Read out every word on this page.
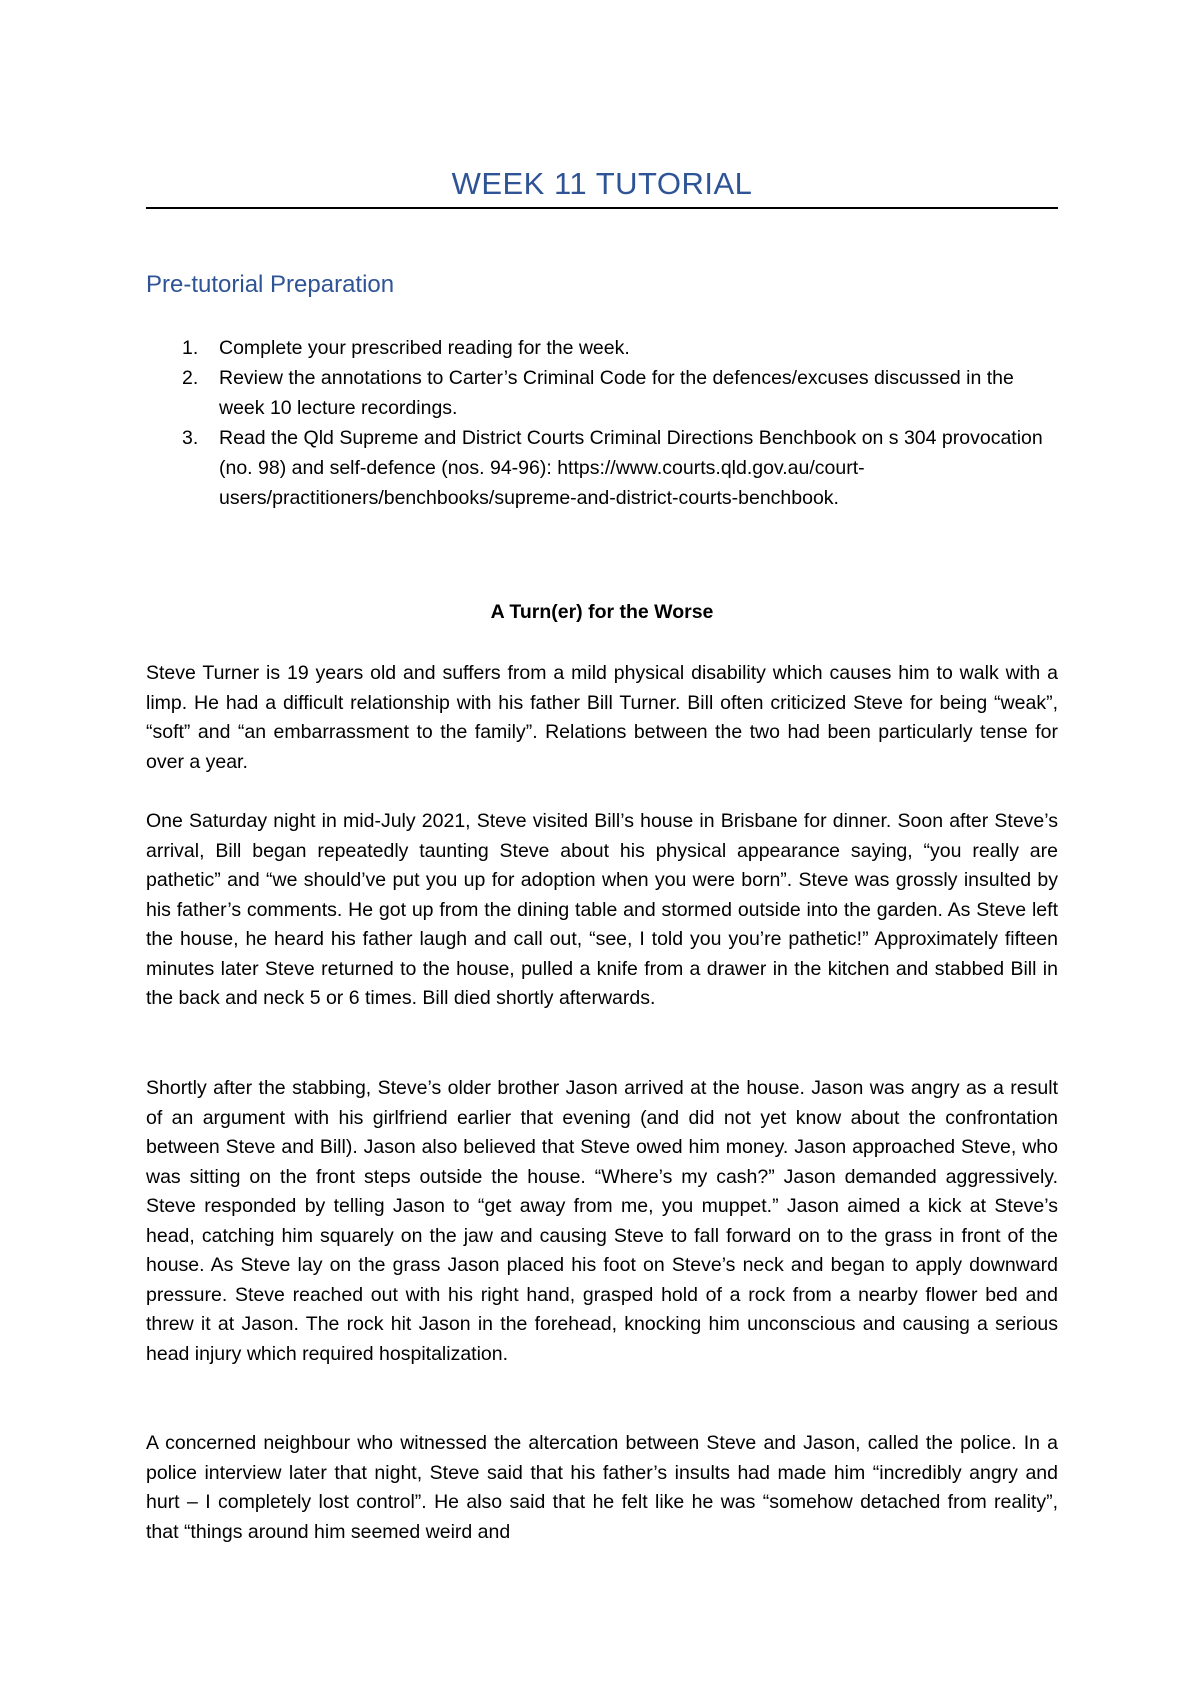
WEEK 11 TUTORIAL
Pre-tutorial Preparation
1. Complete your prescribed reading for the week.
2. Review the annotations to Carter’s Criminal Code for the defences/excuses discussed in the week 10 lecture recordings.
3. Read the Qld Supreme and District Courts Criminal Directions Benchbook on s 304 provocation (no. 98) and self-defence (nos. 94-96): https://www.courts.qld.gov.au/court-users/practitioners/benchbooks/supreme-and-district-courts-benchbook.
A Turn(er) for the Worse

Steve Turner is 19 years old and suffers from a mild physical disability which causes him to walk with a limp. He had a difficult relationship with his father Bill Turner. Bill often criticized Steve for being “weak”, “soft” and “an embarrassment to the family”. Relations between the two had been particularly tense for over a year.

One Saturday night in mid-July 2021, Steve visited Bill’s house in Brisbane for dinner. Soon after Steve’s arrival, Bill began repeatedly taunting Steve about his physical appearance saying, “you really are pathetic” and “we should’ve put you up for adoption when you were born”. Steve was grossly insulted by his father’s comments. He got up from the dining table and stormed outside into the garden. As Steve left the house, he heard his father laugh and call out, “see, I told you you’re pathetic!” Approximately fifteen minutes later Steve returned to the house, pulled a knife from a drawer in the kitchen and stabbed Bill in the back and neck 5 or 6 times. Bill died shortly afterwards.

Shortly after the stabbing, Steve’s older brother Jason arrived at the house. Jason was angry as a result of an argument with his girlfriend earlier that evening (and did not yet know about the confrontation between Steve and Bill). Jason also believed that Steve owed him money. Jason approached Steve, who was sitting on the front steps outside the house. “Where’s my cash?” Jason demanded aggressively. Steve responded by telling Jason to “get away from me, you muppet.” Jason aimed a kick at Steve’s head, catching him squarely on the jaw and causing Steve to fall forward on to the grass in front of the house. As Steve lay on the grass Jason placed his foot on Steve’s neck and began to apply downward pressure. Steve reached out with his right hand, grasped hold of a rock from a nearby flower bed and threw it at Jason. The rock hit Jason in the forehead, knocking him unconscious and causing a serious head injury which required hospitalization.

A concerned neighbour who witnessed the altercation between Steve and Jason, called the police. In a police interview later that night, Steve said that his father’s insults had made him “incredibly angry and hurt – I completely lost control”. He also said that he felt like he was “somehow detached from reality”, that “things around him seemed weird and
